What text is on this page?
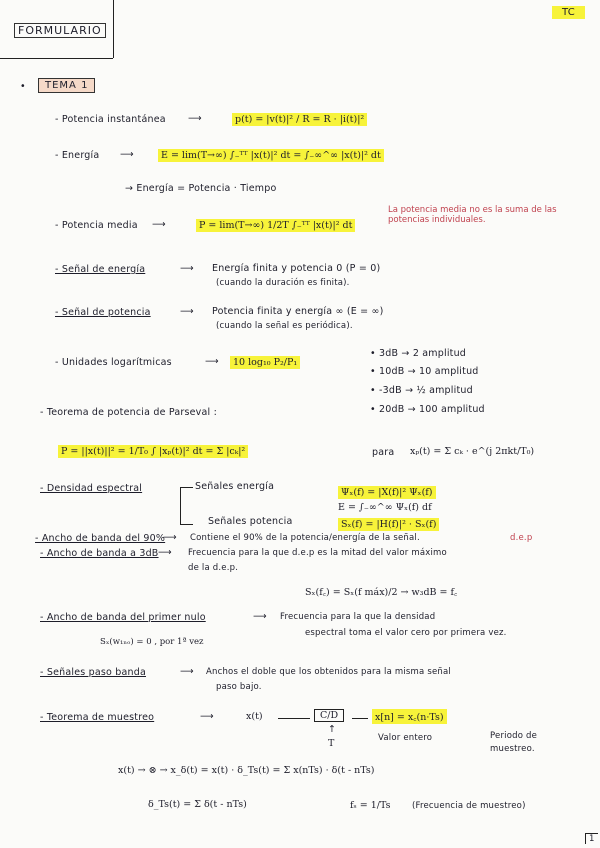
FORMULARIO
TC
•	TEMA 1
- Potencia instantánea ⟶	p(t) = |v(t)|² / R = R · |i(t)|²
- Energía ⟶	E = lim(T→∞) ∫₋ᵀᵀ |x(t)|² dt = ∫₋∞^∞ |x(t)|² dt
→ Energía = Potencia · Tiempo
- Potencia media ⟶	P = lim(T→∞) 1/2T ∫₋ᵀᵀ |x(t)|² dt
La potencia media no es la suma de las potencias individuales.
- Señal de energía	⟶ Energía finita y potencia 0 (P = 0)
(cuando la duración es finita).
- Señal de potencia	⟶ Potencia finita y energía ∞ (E = ∞)
(cuando la señal es periódica).
- Unidades logarítmicas	⟶	10 log₁₀ P₂/P₁
• 3dB → 2 amplitud
• 10dB → 10 amplitud
• -3dB → ½ amplitud
• 20dB → 100 amplitud
- Teorema de potencia de Parseval :
P = ||x(t)||² = 1/T₀ ∫ |xₚ(t)|² dt = Σ |cₖ|²	para xₚ(t) = Σ cₖ · e^(j 2πkt/T₀)
- Densidad espectral	Señales energía
Ψₓ(f) = |X(f)|² Ψₓ(f)
E = ∫₋∞^∞ Ψₓ(f) df
Señales potencia	Sₓ(f) = |H(f)|² · Sₓ(f)
- Ancho de banda del 90%
⟶ Contiene el 90% de la potencia/energía de la señal.	d.e.p
- Ancho de banda a 3dB ⟶ Frecuencia para la que d.e.p es la mitad del valor máximo
de la d.e.p.
Sₓ(f꜀) = Sₓ(f máx)/2 → w₃dB = f꜀
- Ancho de banda del primer nulo	⟶ Frecuencia para la que la densidad
espectral toma el valor cero por primera vez.
Sₓ(w₁ₙₒ) = 0 , por 1ª vez
- Señales paso banda	⟶ Anchos el doble que los obtenidos para la misma señal
paso bajo.
- Teorema de muestreo	⟶	x(t)	C/D	x[n] = x꜀(n·Ts)
↑
T	Valor entero	Periodo de muestreo.
x(t) → ⊗ → x_δ(t) = x(t) · δ_Ts(t) = Σ x(nTs) · δ(t - nTs)
δ_Ts(t) = Σ δ(t - nTs)	fₛ = 1/Ts	(Frecuencia de muestreo)
1
